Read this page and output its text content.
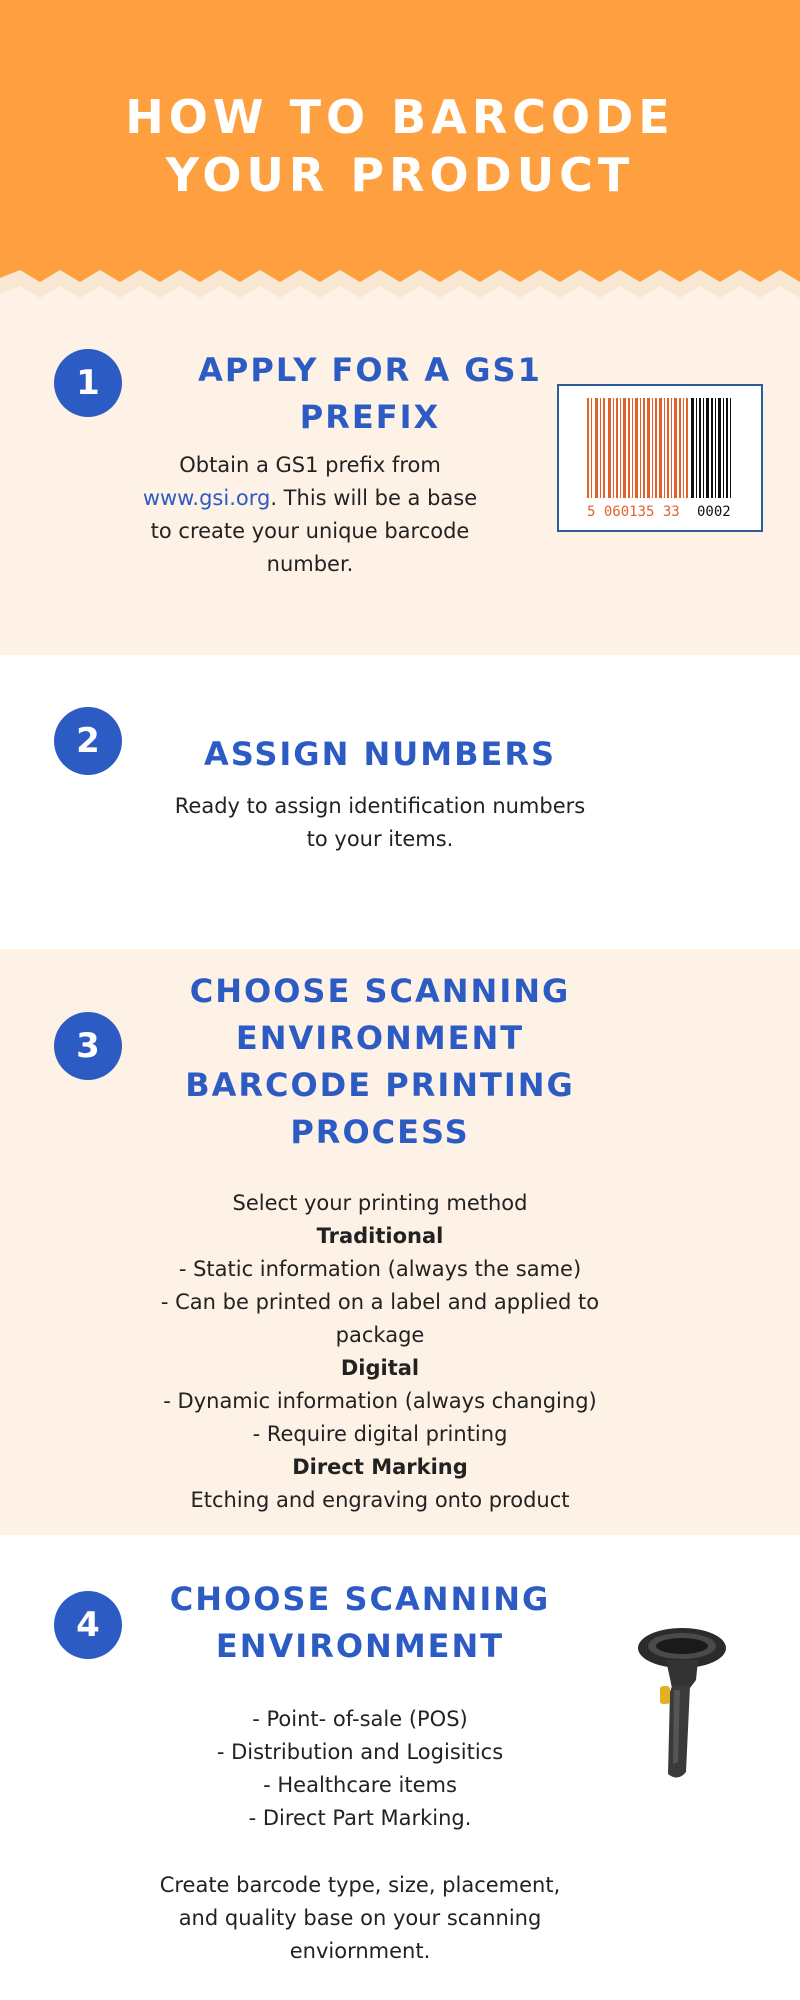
HOW TO BARCODE
YOUR PRODUCT
1	APPLY FOR A GS1
PREFIX

Obtain a GS1 prefix from

www.gsi.org. This will be a base

to create your unique barcode

number.

5 060135 33 0002
2	ASSIGN NUMBERS

Ready to assign identification numbers

to your items.

3
CHOOSE SCANNING
ENVIRONMENT
BARCODE PRINTING
PROCESS

Select your printing method

Traditional

- Static information (always the same)

- Can be printed on a label and applied to

package

Digital

- Dynamic information (always changing)

- Require digital printing

Direct Marking

Etching and engraving onto product

4
CHOOSE SCANNING
ENVIRONMENT

- Point- of-sale (POS)

- Distribution and Logisitics

- Healthcare items

- Direct Part Marking.

Create barcode type, size, placement,

and quality base on your scanning

enviornment.
